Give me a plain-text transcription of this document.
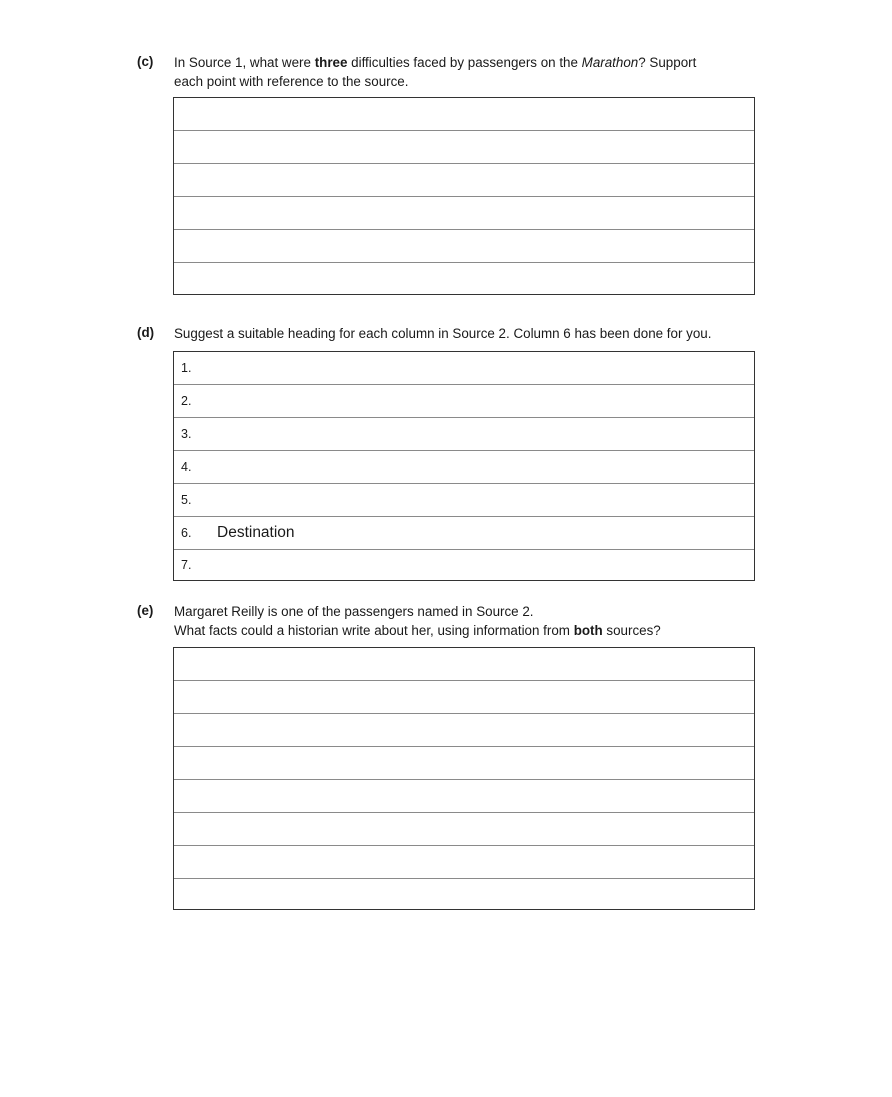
(c) In Source 1, what were three difficulties faced by passengers on the Marathon? Support
each point with reference to the source.
(d) Suggest a suitable heading for each column in Source 2. Column 6 has been done for you.
1.
2.
3.
4.
5.
6. Destination
7.
(e) Margaret Reilly is one of the passengers named in Source 2.
What facts could a historian write about her, using information from both sources?
